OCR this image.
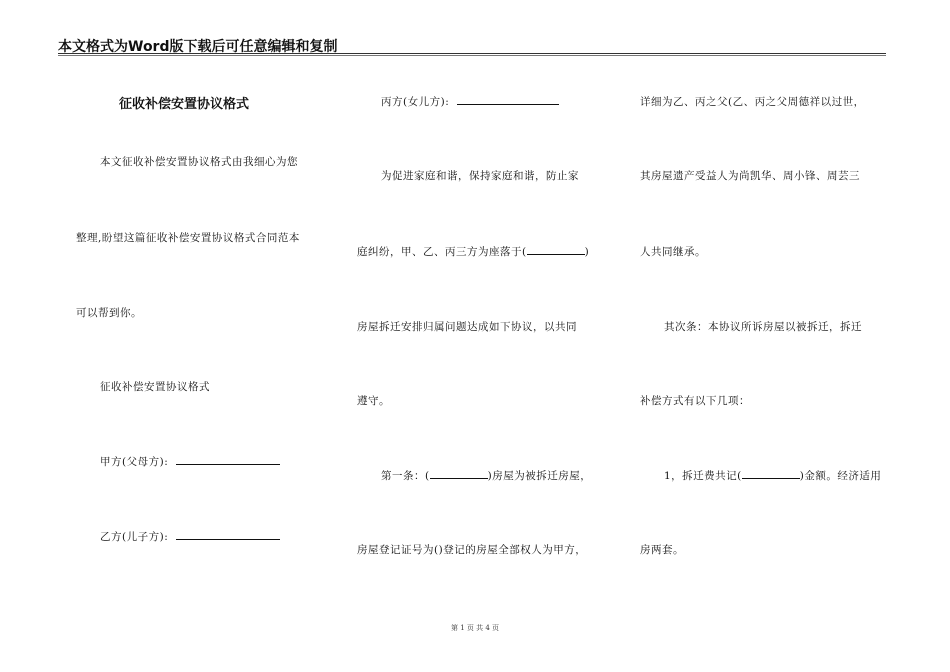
本文格式为Word版下载后可任意编辑和复制
征收补偿安置协议格式
本文征收补偿安置协议格式由我细心为您
整理,盼望这篇征收补偿安置协议格式合同范本
可以帮到你。
征收补偿安置协议格式
甲方(父母方):
乙方(儿子方):
丙方(女儿方):
为促进家庭和谐，保持家庭和谐，防止家
庭纠纷，甲、乙、丙三方为座落于(	)
房屋拆迁安排归属问题达成如下协议，以共同
遵守。
第一条：(	)房屋为被拆迁房屋，
房屋登记证号为()登记的房屋全部权人为甲方，
详细为乙、丙之父(乙、丙之父周德祥以过世，
其房屋遗产受益人为尚凯华、周小锋、周芸三
人共同继承。
其次条：本协议所诉房屋以被拆迁，拆迁
补偿方式有以下几项：
1，拆迁费共记(	)金额。经济适用
房两套。
第 1 页 共 4 页
